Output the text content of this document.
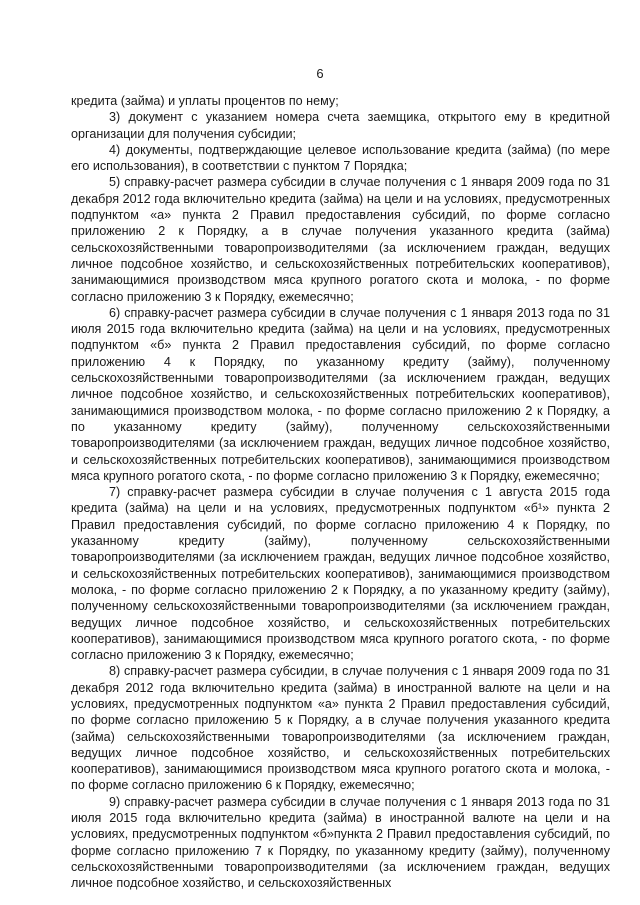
6

кредита (займа) и уплаты процентов по нему;

3) документ с указанием номера счета заемщика, открытого ему в кредитной организации для получения субсидии;

4) документы, подтверждающие целевое использование кредита (займа) (по мере его использования), в соответствии с пунктом 7 Порядка;

5) справку-расчет размера субсидии в случае получения с 1 января 2009 года по 31 декабря 2012 года включительно кредита (займа) на цели и на условиях, предусмотренных подпунктом «а» пункта 2 Правил предоставления субсидий, по форме согласно приложению 2 к Порядку, а в случае получения указанного кредита (займа) сельскохозяйственными товаропроизводителями (за исключением граждан, ведущих личное подсобное хозяйство, и сельскохозяйственных потребительских кооперативов), занимающимися производством мяса крупного рогатого скота и молока, - по форме согласно приложению 3 к Порядку, ежемесячно;

6) справку-расчет размера субсидии в случае получения с 1 января 2013 года по 31 июля 2015 года включительно кредита (займа) на цели и на условиях, предусмотренных подпунктом «б» пункта 2 Правил предоставления субсидий, по форме согласно приложению 4 к Порядку, по указанному кредиту (займу), полученному сельскохозяйственными товаропроизводителями (за исключением граждан, ведущих личное подсобное хозяйство, и сельскохозяйственных потребительских кооперативов), занимающимися производством молока, - по форме согласно приложению 2 к Порядку, а по указанному кредиту (займу), полученному сельскохозяйственными товаропроизводителями (за исключением граждан, ведущих личное подсобное хозяйство, и сельскохозяйственных потребительских кооперативов), занимающимися производством мяса крупного рогатого скота, - по форме согласно приложению 3 к Порядку, ежемесячно;

7) справку-расчет размера субсидии в случае получения с 1 августа 2015 года кредита (займа) на цели и на условиях, предусмотренных подпунктом «б¹» пункта 2 Правил предоставления субсидий, по форме согласно приложению 4 к Порядку, по указанному кредиту (займу), полученному сельскохозяйственными товаропроизводителями (за исключением граждан, ведущих личное подсобное хозяйство, и сельскохозяйственных потребительских кооперативов), занимающимися производством молока, - по форме согласно приложению 2 к Порядку, а по указанному кредиту (займу), полученному сельскохозяйственными товаропроизводителями (за исключением граждан, ведущих личное подсобное хозяйство, и сельскохозяйственных потребительских кооперативов), занимающимися производством мяса крупного рогатого скота, - по форме согласно приложению 3 к Порядку, ежемесячно;

8) справку-расчет размера субсидии, в случае получения с 1 января 2009 года по 31 декабря 2012 года включительно кредита (займа) в иностранной валюте на цели и на условиях, предусмотренных подпунктом «а» пункта 2 Правил предоставления субсидий, по форме согласно приложению 5 к Порядку, а в случае получения указанного кредита (займа) сельскохозяйственными товаропроизводителями (за исключением граждан, ведущих личное подсобное хозяйство, и сельскохозяйственных потребительских кооперативов), занимающимися производством мяса крупного рогатого скота и молока, - по форме согласно приложению 6 к Порядку, ежемесячно;

9) справку-расчет размера субсидии в случае получения с 1 января 2013 года по 31 июля 2015 года включительно кредита (займа) в иностранной валюте на цели и на условиях, предусмотренных подпунктом «б»пункта 2 Правил предоставления субсидий, по форме согласно приложению 7 к Порядку, по указанному кредиту (займу), полученному сельскохозяйственными товаропроизводителями (за исключением граждан, ведущих личное подсобное хозяйство, и сельскохозяйственных
